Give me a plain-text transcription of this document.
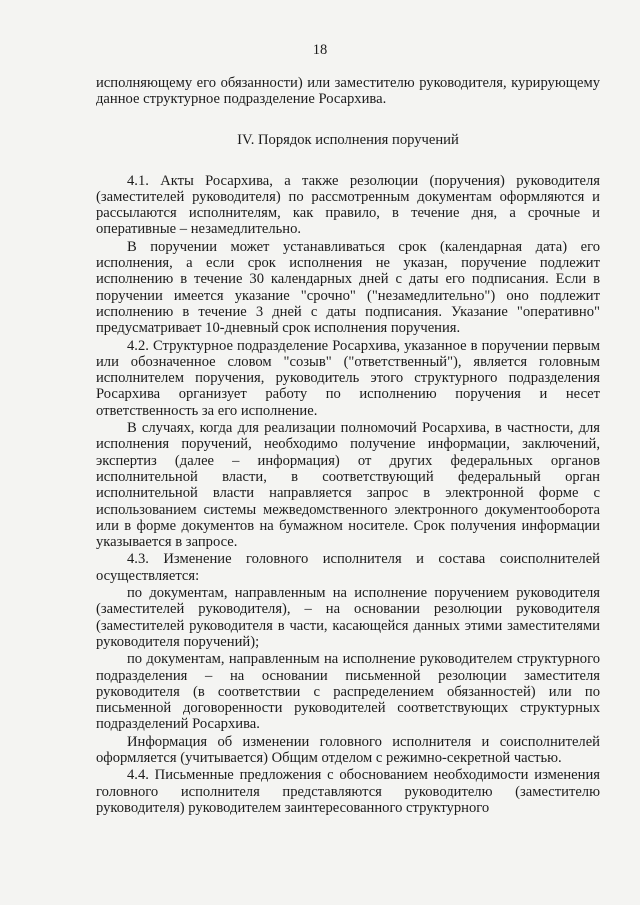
18

исполняющему его обязанности) или заместителю руководителя, курирующему данное структурное подразделение Росархива.

IV. Порядок исполнения поручений

4.1. Акты Росархива, а также резолюции (поручения) руководителя (заместителей руководителя) по рассмотренным документам оформляются и рассылаются исполнителям, как правило, в течение дня, а срочные и оперативные – незамедлительно.

В поручении может устанавливаться срок (календарная дата) его исполнения, а если срок исполнения не указан, поручение подлежит исполнению в течение 30 календарных дней с даты его подписания. Если в поручении имеется указание "срочно" ("незамедлительно") оно подлежит исполнению в течение 3 дней с даты подписания. Указание "оперативно" предусматривает 10-дневный срок исполнения поручения.

4.2. Структурное подразделение Росархива, указанное в поручении первым или обозначенное словом "созыв" ("ответственный"), является головным исполнителем поручения, руководитель этого структурного подразделения Росархива организует работу по исполнению поручения и несет ответственность за его исполнение.

В случаях, когда для реализации полномочий Росархива, в частности, для исполнения поручений, необходимо получение информации, заключений, экспертиз (далее – информация) от других федеральных органов исполнительной власти, в соответствующий федеральный орган исполнительной власти направляется запрос в электронной форме с использованием системы межведомственного электронного документооборота или в форме документов на бумажном носителе. Срок получения информации указывается в запросе.

4.3. Изменение головного исполнителя и состава соисполнителей осуществляется:

по документам, направленным на исполнение поручением руководителя (заместителей руководителя), – на основании резолюции руководителя (заместителей руководителя в части, касающейся данных этими заместителями руководителя поручений);

по документам, направленным на исполнение руководителем структурного подразделения – на основании письменной резолюции заместителя руководителя (в соответствии с распределением обязанностей) или по письменной договоренности руководителей соответствующих структурных подразделений Росархива.

Информация об изменении головного исполнителя и соисполнителей оформляется (учитывается) Общим отделом с режимно-секретной частью.

4.4. Письменные предложения с обоснованием необходимости изменения головного исполнителя представляются руководителю (заместителю руководителя) руководителем заинтересованного структурного
